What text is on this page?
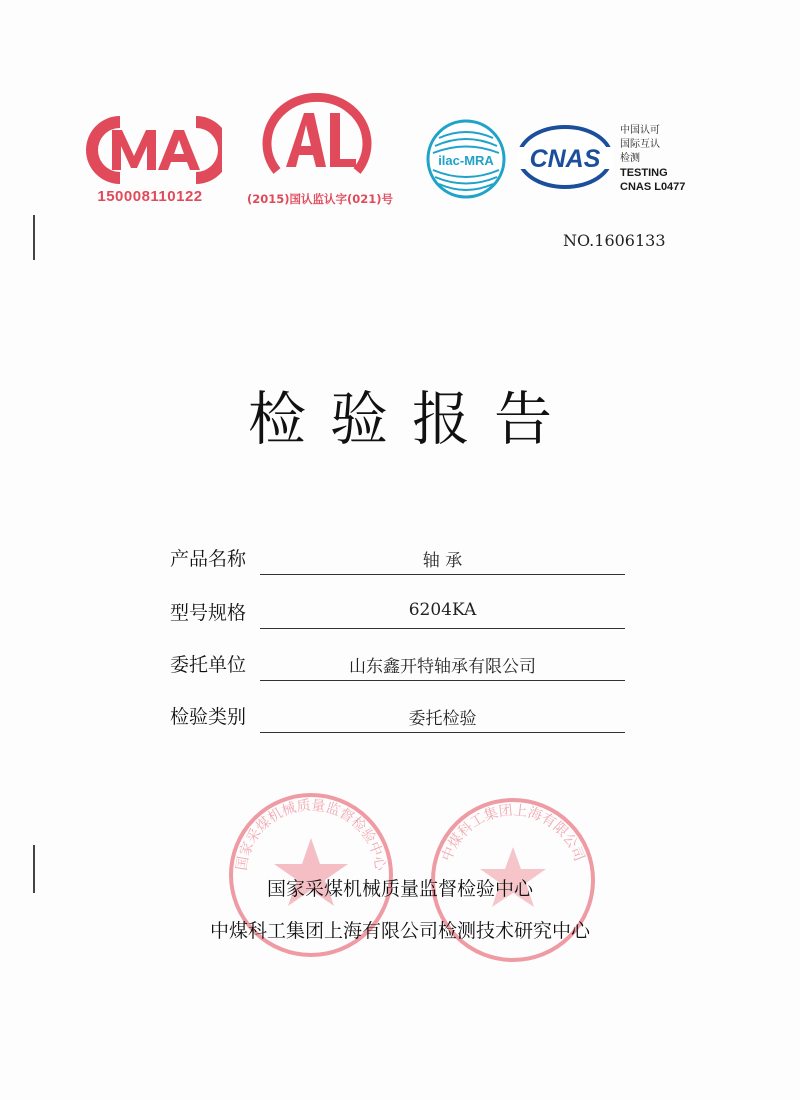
150008110122	(2015)国认监认字(021)号
ilac-MRA CNAS
中国认可
国际互认
检测
TESTING
CNAS L0477
NO.1606133
检验报告
产品名称	轴 承
型号规格	6204KA
委托单位	山东鑫开特轴承有限公司
检验类别	委托检验
国家采煤机械质量监督检验中心	中煤科工集团上海有限公司
国家采煤机械质量监督检验中心
中煤科工集团上海有限公司检测技术研究中心
